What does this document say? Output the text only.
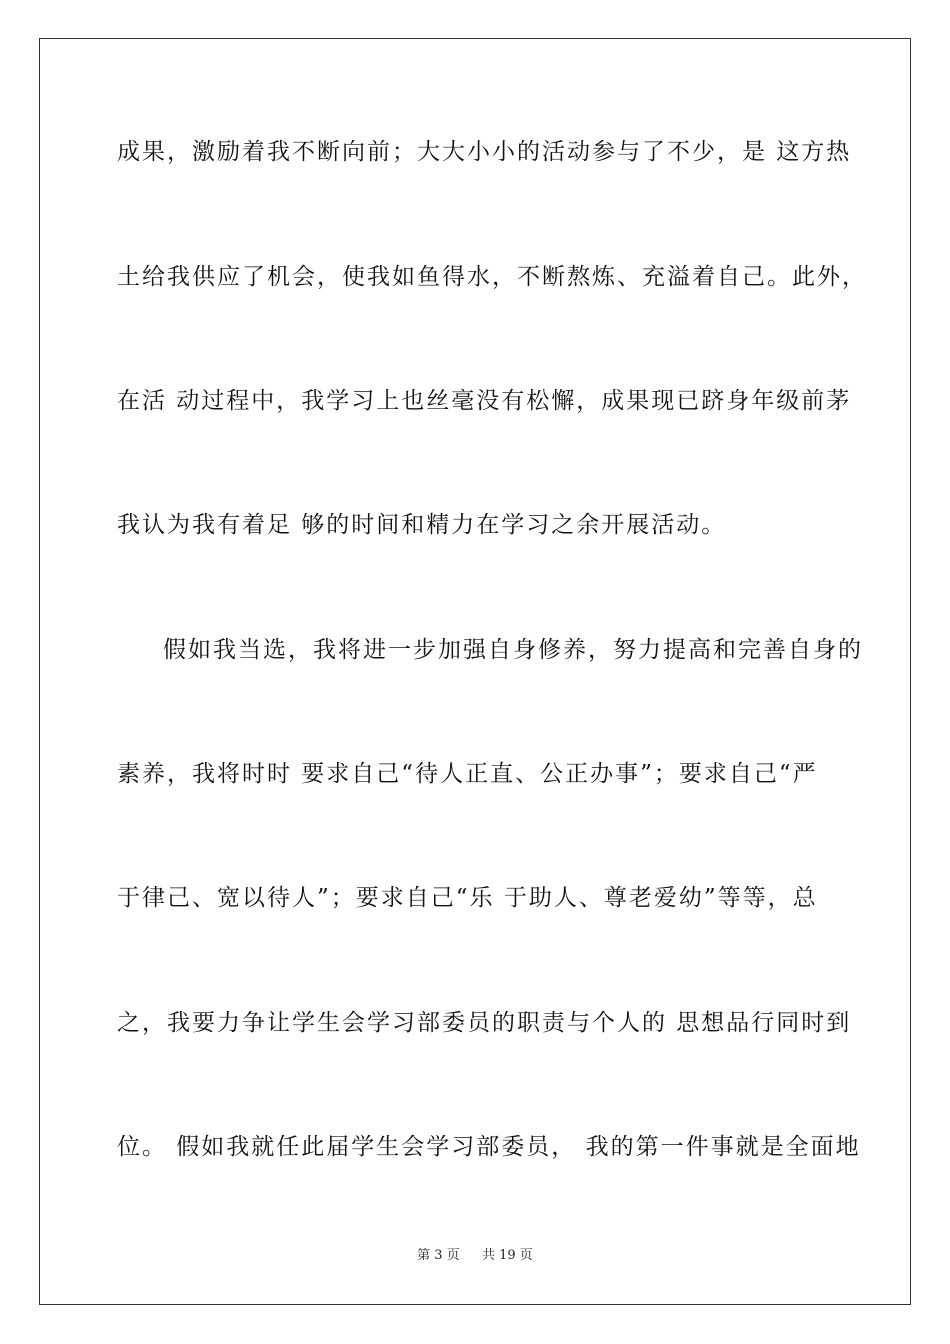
成果，激励着我不断向前；大大小小的活动参与了不少，是 这方热
土给我供应了机会，使我如鱼得水，不断熬炼、充溢着自己。此外，
在活 动过程中，我学习上也丝毫没有松懈，成果现已跻身年级前茅
我认为我有着足 够的时间和精力在学习之余开展活动。
假如我当选，我将进一步加强自身修养，努力提高和完善自身的
素养，我将时时 要求自己“待人正直、公正办事”；要求自己“严
于律己、宽以待人”；要求自己“乐 于助人、尊老爱幼”等等，总
之，我要力争让学生会学习部委员的职责与个人的 思想品行同时到
位。 假如我就任此届学生会学习部委员， 我的第一件事就是全面地
第 3 页 共 19 页
